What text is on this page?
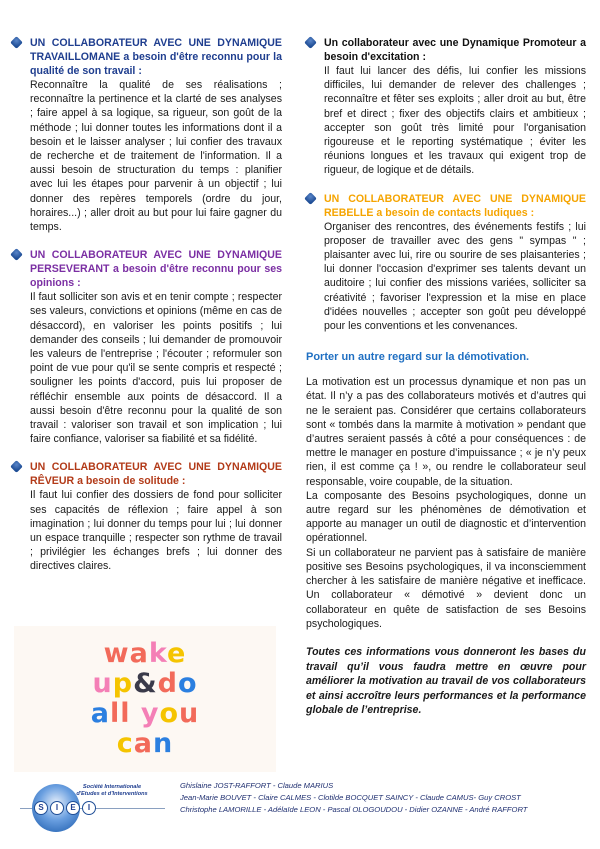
UN COLLABORATEUR AVEC UNE DYNAMIQUE TRAVAILLOMANE a besoin d'être reconnu pour la qualité de son travail :
Reconnaître la qualité de ses réalisations ; reconnaître la pertinence et la clarté de ses analyses ; faire appel à sa logique, sa rigueur, son goût de la méthode ; lui donner toutes les informations dont il a besoin et le laisser analyser ; lui confier des travaux de recherche et de traitement de l'information. Il a aussi besoin de structuration du temps : planifier avec lui les étapes pour parvenir à un objectif ; lui donner des repères temporels (ordre du jour, horaires...) ; aller droit au but pour lui faire gagner du temps.
UN COLLABORATEUR AVEC UNE DYNAMIQUE PERSEVERANT a besoin d'être reconnu pour ses opinions :
Il faut solliciter son avis et en tenir compte ; respecter ses valeurs, convictions et opinions (même en cas de désaccord), en valoriser les points positifs ; lui demander des conseils ; lui demander de promouvoir les valeurs de l'entreprise ; l'écouter ; reformuler son point de vue pour qu'il se sente compris et respecté ; souligner les points d'accord, puis lui proposer de réfléchir ensemble aux points de désaccord. Il a aussi besoin d'être reconnu pour la qualité de son travail : valoriser son travail et son implication ; lui faire confiance, valoriser sa fiabilité et sa fidélité.
UN COLLABORATEUR AVEC UNE DYNAMIQUE RÊVEUR a besoin de solitude :
Il faut lui confier des dossiers de fond pour solliciter ses capacités de réflexion ; faire appel à son imagination ; lui donner du temps pour lui ; lui donner un espace tranquille ; respecter son rythme de travail ; privilégier les échanges brefs ; lui donner des directives claires.
wake
up&do
all you
can
Un collaborateur avec une Dynamique Promoteur a besoin d'excitation :
Il faut lui lancer des défis, lui confier les missions difficiles, lui demander de relever des challenges ; reconnaître et fêter ses exploits ; aller droit au but, être bref et direct ; fixer des objectifs clairs et ambitieux ; accepter son goût très limité pour l'organisation rigoureuse et le reporting systématique ; éviter les réunions longues et les travaux qui exigent trop de rigueur, de logique et de détails.
UN COLLABORATEUR AVEC UNE DYNAMIQUE REBELLE a besoin de contacts ludiques :
Organiser des rencontres, des événements festifs ; lui proposer de travailler avec des gens " sympas " ; plaisanter avec lui, rire ou sourire de ses plaisanteries ; lui donner l'occasion d'exprimer ses talents devant un auditoire ; lui confier des missions variées, solliciter sa créativité ; favoriser l'expression et la mise en place d'idées nouvelles ; accepter son goût peu développé pour les conventions et les convenances.
Porter un autre regard sur la démotivation.

La motivation est un processus dynamique et non pas un état. Il n’y a pas des collaborateurs motivés et d’autres qui ne le seraient pas. Considérer que certains collaborateurs sont « tombés dans la marmite à motivation » pendant que d’autres seraient passés à côté a pour conséquences : de mettre le manager en posture d’impuissance ; « je n’y peux rien, il est comme ça ! », ou rendre le collaborateur seul responsable, voire coupable, de la situation.

La composante des Besoins psychologiques, donne un autre regard sur les phénomènes de démotivation et apporte au manager un outil de diagnostic et d’intervention opérationnel.

Si un collaborateur ne parvient pas à satisfaire de manière positive ses Besoins psychologiques, il va inconsciemment chercher à les satisfaire de manière négative et inefficace. Un collaborateur « démotivé » devient donc un collaborateur en quête de satisfaction de ses Besoins psychologiques.

Toutes ces informations vous donneront les bases du travail qu’il vous faudra mettre en œuvre pour améliorer la motivation au travail de vos collaborateurs et ainsi accroître leurs performances et la performance globale de l’entreprise.
S	I	E	I
Société Internationale
d'Etudes et d'Interventions
Ghislaine JOST-RAFFORT - Claude MARIUS
Jean-Marie BOUVET - Claire CALMES - Clotilde BOCQUET SAINCY - Claude CAMUS- Guy CROST
Christophe LAMORILLE - Adélaïde LEON - Pascal OLOGOUDOU - Didier OZANNE - André RAFFORT
